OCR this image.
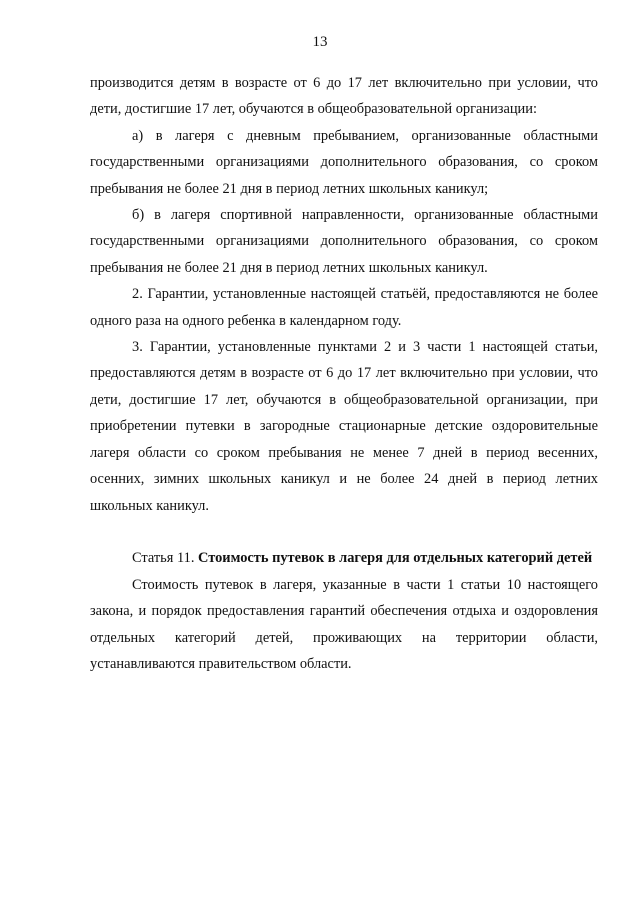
13

производится детям в возрасте от 6 до 17 лет включительно при условии, что дети, достигшие 17 лет, обучаются в общеобразовательной организации:

а) в лагеря с дневным пребыванием, организованные областными государственными организациями дополнительного образования, со сроком пребывания не более 21 дня в период летних школьных каникул;

б) в лагеря спортивной направленности, организованные областными государственными организациями дополнительного образования, со сроком пребывания не более 21 дня в период летних школьных каникул.

2. Гарантии, установленные настоящей статьёй, предоставляются не более одного раза на одного ребенка в календарном году.

3. Гарантии, установленные пунктами 2 и 3 части 1 настоящей статьи, предоставляются детям в возрасте от 6 до 17 лет включительно при условии, что дети, достигшие 17 лет, обучаются в общеобразовательной организации, при приобретении путевки в загородные стационарные детские оздоровительные лагеря области со сроком пребывания не менее 7 дней в период весенних, осенних, зимних школьных каникул и не более 24 дней в период летних школьных каникул.

Статья 11. Стоимость путевок в лагеря для отдельных категорий детей

Стоимость путевок в лагеря, указанные в части 1 статьи 10 настоящего закона, и порядок предоставления гарантий обеспечения отдыха и оздоровления отдельных категорий детей, проживающих на территории области, устанавливаются правительством области.
